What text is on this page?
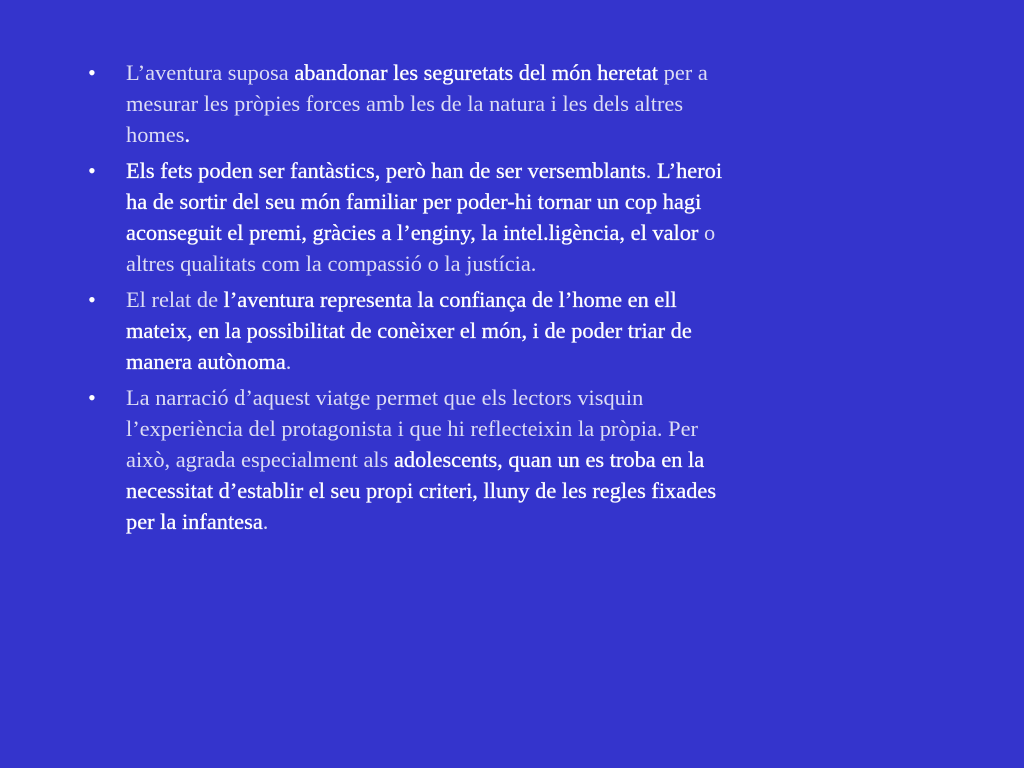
•	L’aventura suposa abandonar les seguretats del món heretat per a mesurar les pròpies forces amb les de la natura i les dels altres homes.
•	Els fets poden ser fantàstics, però han de ser versemblants. L’heroi ha de sortir del seu món familiar per poder-hi tornar un cop hagi aconseguit el premi, gràcies a l’enginy, la intel.ligència, el valor o altres qualitats com la compassió o la justícia.
•	El relat de l’aventura representa la confiança de l’home en ell mateix, en la possibilitat de conèixer el món, i de poder triar de manera autònoma.
•	La narració d’aquest viatge permet que els lectors visquin l’experiència del protagonista i que hi reflecteixin la pròpia. Per això, agrada especialment als adolescents, quan un es troba en la necessitat d’establir el seu propi criteri, lluny de les regles fixades per la infantesa.
